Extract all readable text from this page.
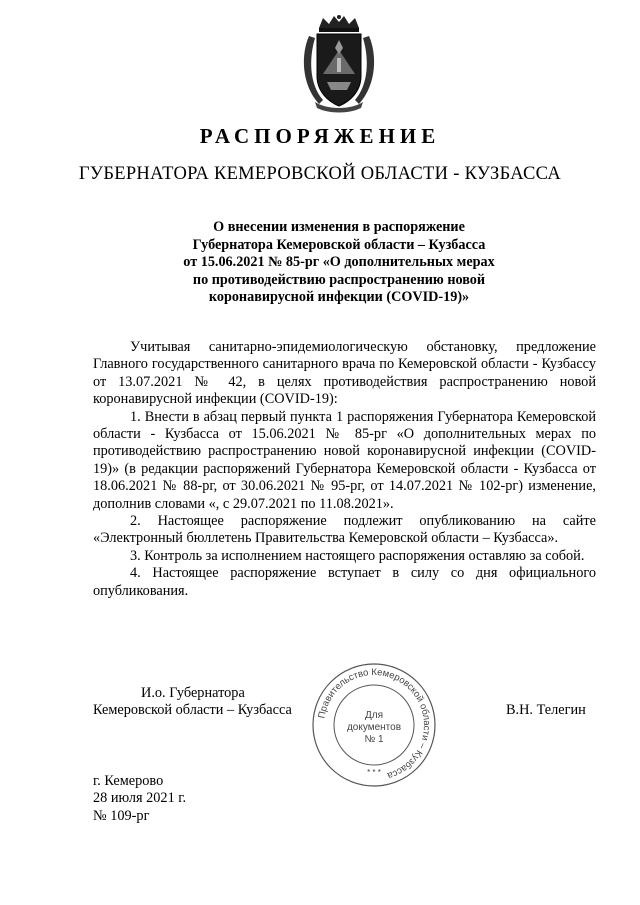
РАСПОРЯЖЕНИЕ
ГУБЕРНАТОРА КЕМЕРОВСКОЙ ОБЛАСТИ - КУЗБАССА
О внесении изменения в распоряжение
Губернатора Кемеровской области – Кузбасса
от 15.06.2021 № 85-рг «О дополнительных мерах
по противодействию распространению новой
коронавирусной инфекции (COVID-19)»

Учитывая санитарно-эпидемиологическую обстановку, предложение Главного государственного санитарного врача по Кемеровской области - Кузбассу от 13.07.2021 № 42, в целях противодействия распространению новой коронавирусной инфекции (COVID-19):

1. Внести в абзац первый пункта 1 распоряжения Губернатора Кемеровской области - Кузбасса от 15.06.2021 № 85-рг «О дополнительных мерах по противодействию распространению новой коронавирусной инфекции (COVID-19)» (в редакции распоряжений Губернатора Кемеровской области - Кузбасса от 18.06.2021 № 88-рг, от 30.06.2021 № 95-рг, от 14.07.2021 № 102-рг) изменение, дополнив словами «, с 29.07.2021 по 11.08.2021».

2. Настоящее распоряжение подлежит опубликованию на сайте «Электронный бюллетень Правительства Кемеровской области – Кузбасса».

3. Контроль за исполнением настоящего распоряжения оставляю за собой.

4. Настоящее распоряжение вступает в силу со дня официального опубликования.

И.о. Губернатора
Кемеровской области – Кузбасса	Правительство Кемеровской области – Кузбасса
* * *
Для
документов
№ 1
В.Н. Телегин
г. Кемерово
28 июля 2021 г.
№ 109-рг
